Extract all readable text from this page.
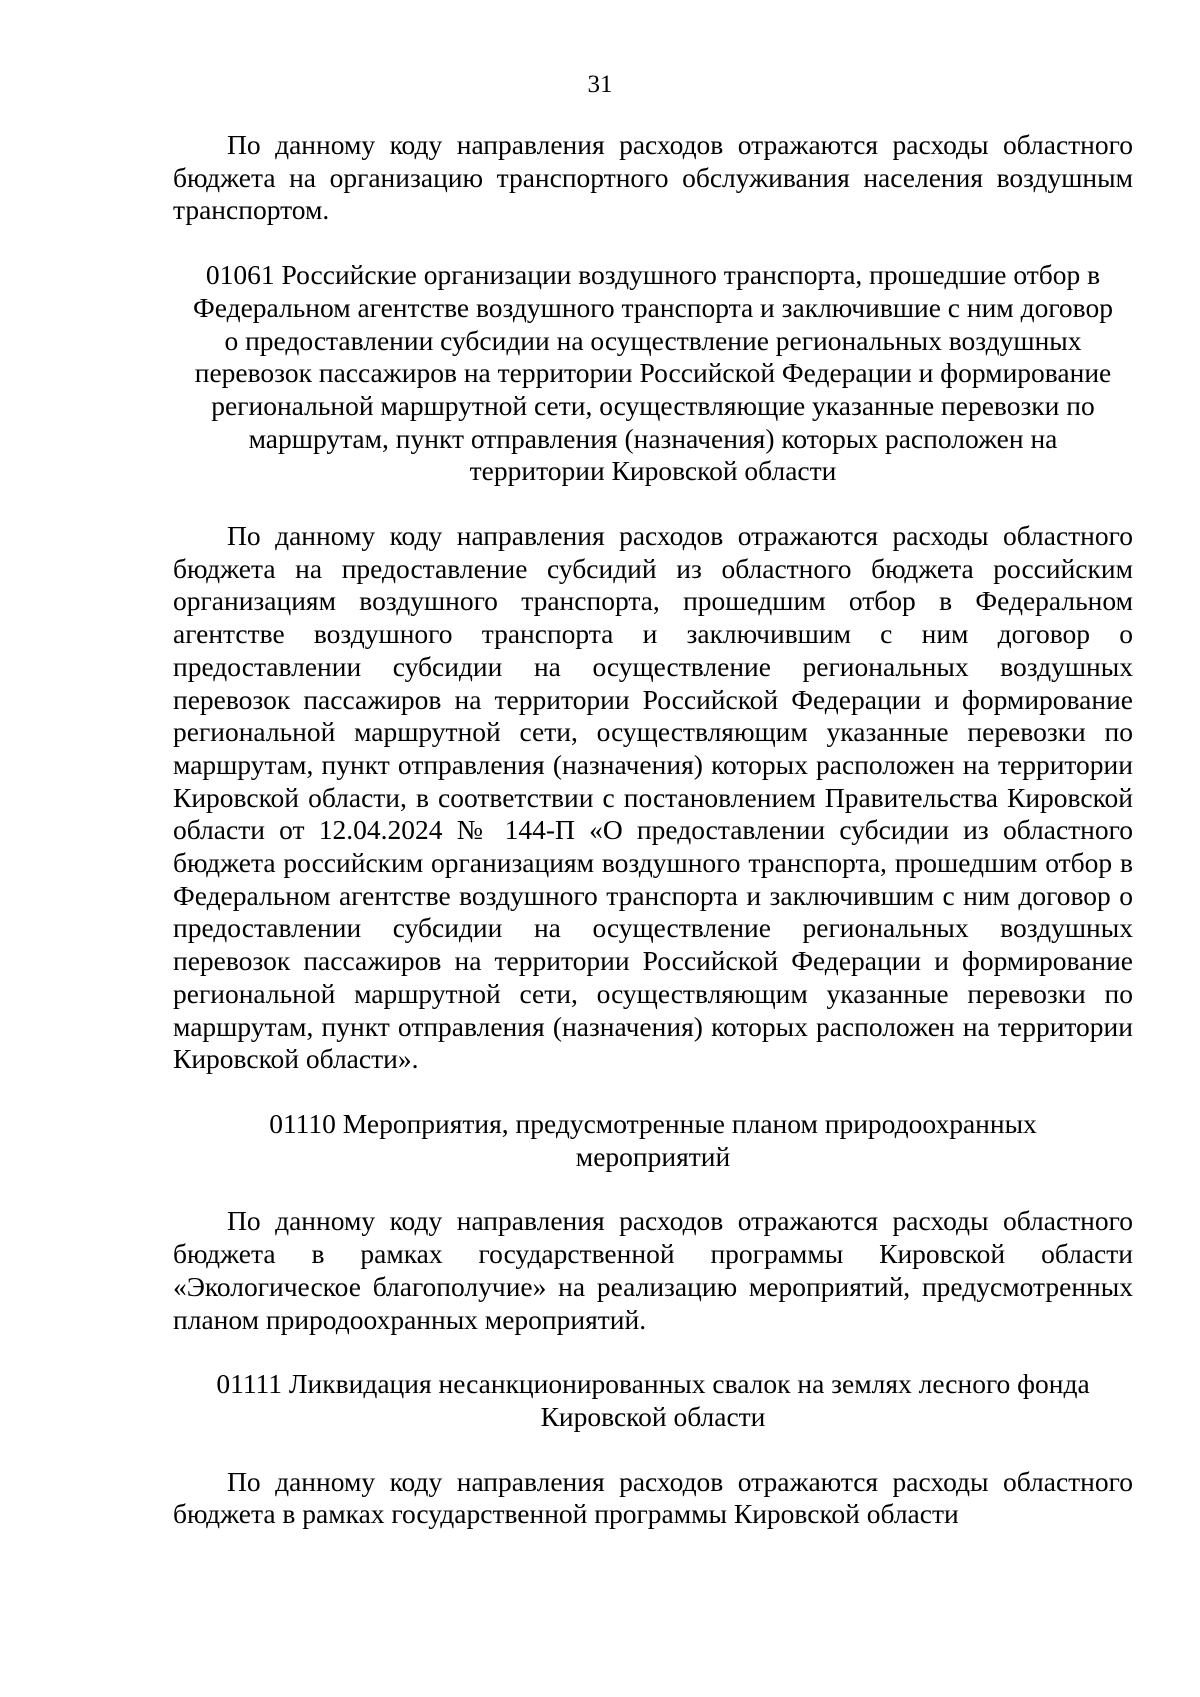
31

По данному коду направления расходов отражаются расходы областного бюджета на организацию транспортного обслуживания населения воздушным транспортом.

01061 Российские организации воздушного транспорта, прошедшие отбор в Федеральном агентстве воздушного транспорта и заключившие с ним договор о предоставлении субсидии на осуществление региональных воздушных перевозок пассажиров на территории Российской Федерации и формирование региональной маршрутной сети, осуществляющие указанные перевозки по маршрутам, пункт отправления (назначения) которых расположен на территории Кировской области

По данному коду направления расходов отражаются расходы областного бюджета на предоставление субсидий из областного бюджета российским организациям воздушного транспорта, прошедшим отбор в Федеральном агентстве воздушного транспорта и заключившим с ним договор о предоставлении субсидии на осуществление региональных воздушных перевозок пассажиров на территории Российской Федерации и формирование региональной маршрутной сети, осуществляющим указанные перевозки по маршрутам, пункт отправления (назначения) которых расположен на территории Кировской области, в соответствии с постановлением Правительства Кировской области от 12.04.2024 № 144-П «О предоставлении субсидии из областного бюджета российским организациям воздушного транспорта, прошедшим отбор в Федеральном агентстве воздушного транспорта и заключившим с ним договор о предоставлении субсидии на осуществление региональных воздушных перевозок пассажиров на территории Российской Федерации и формирование региональной маршрутной сети, осуществляющим указанные перевозки по маршрутам, пункт отправления (назначения) которых расположен на территории Кировской области».

01110 Мероприятия, предусмотренные планом природоохранных мероприятий

По данному коду направления расходов отражаются расходы областного бюджета в рамках государственной программы Кировской области «Экологическое благополучие» на реализацию мероприятий, предусмотренных планом природоохранных мероприятий.

01111 Ликвидация несанкционированных свалок на землях лесного фонда Кировской области

По данному коду направления расходов отражаются расходы областного бюджета в рамках государственной программы Кировской области
